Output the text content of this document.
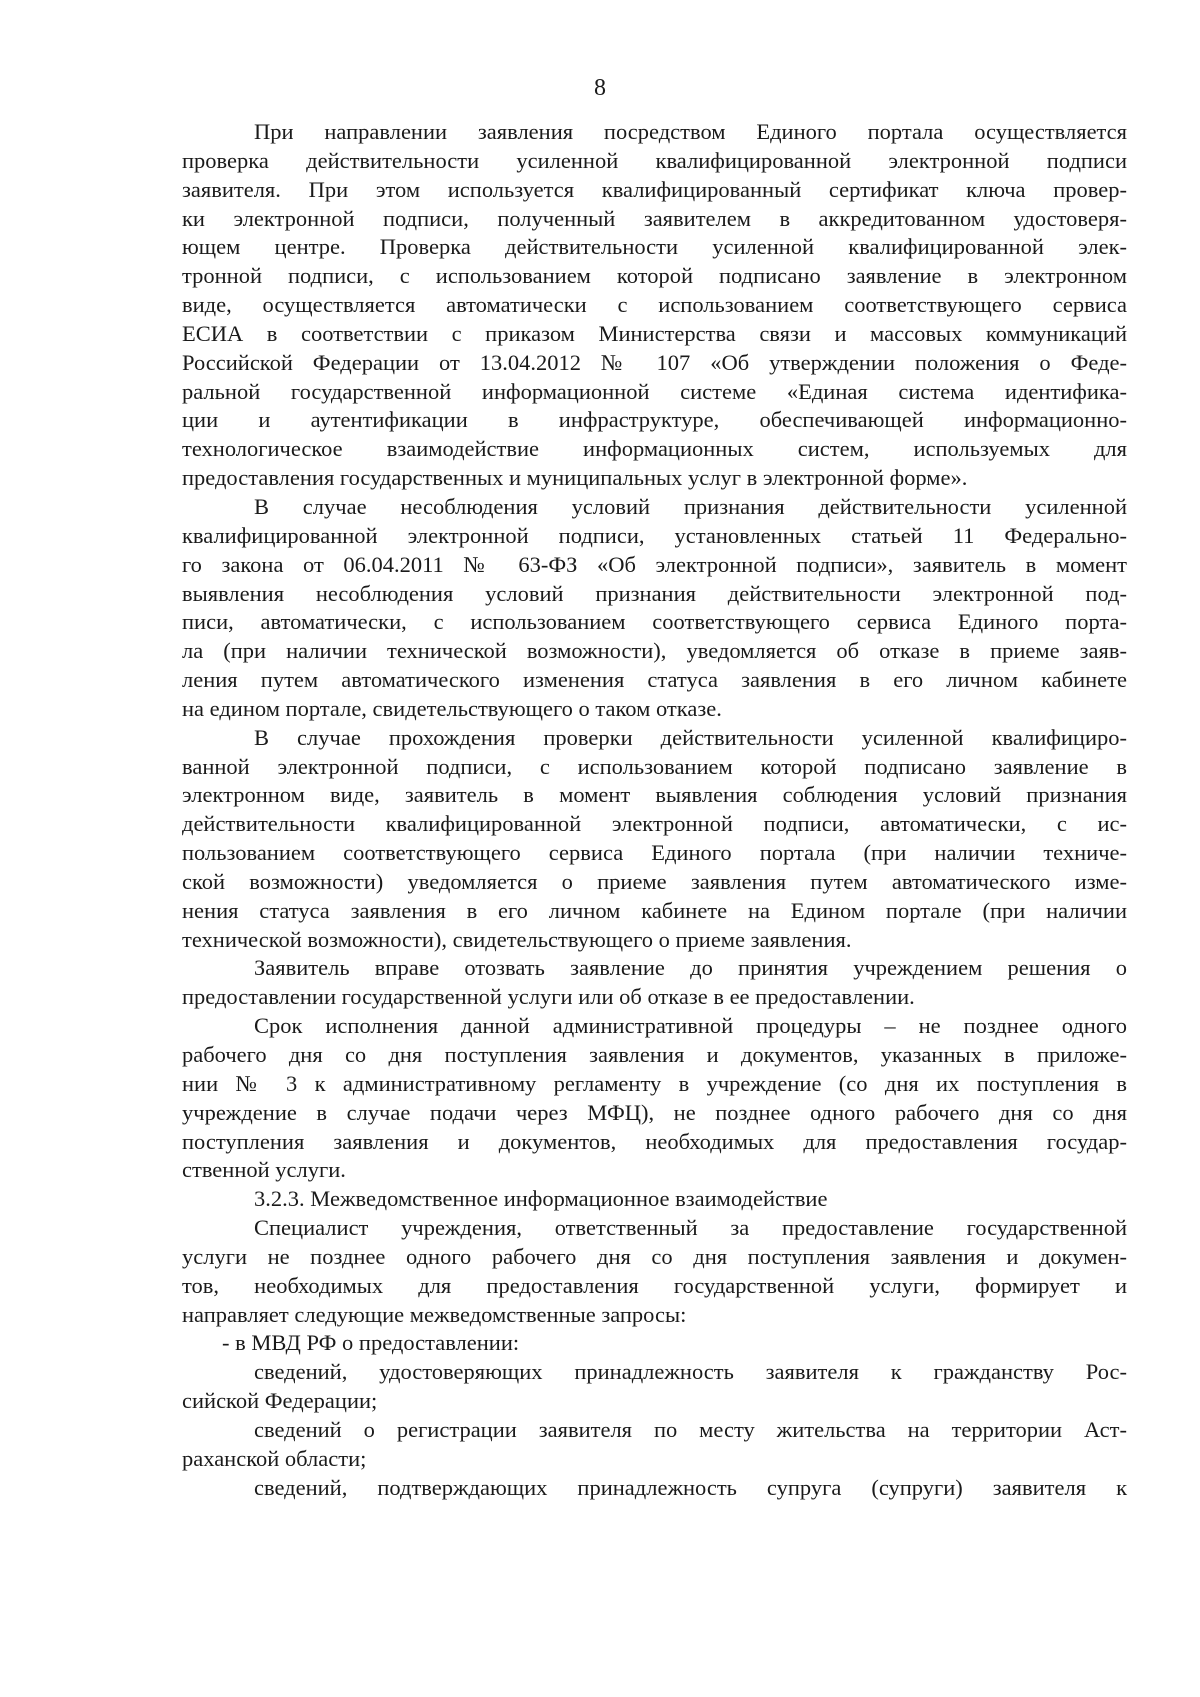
8
При направлении заявления посредством Единого портала осуществляется
проверка действительности усиленной квалифицированной электронной подписи
заявителя. При этом используется квалифицированный сертификат ключа провер-
ки электронной подписи, полученный заявителем в аккредитованном удостоверя-
ющем центре. Проверка действительности усиленной квалифицированной элек-
тронной подписи, с использованием которой подписано заявление в электронном
виде, осуществляется автоматически с использованием соответствующего сервиса
ЕСИА в соответствии с приказом Министерства связи и массовых коммуникаций
Российской Федерации от 13.04.2012 № 107 «Об утверждении положения о Феде-
ральной государственной информационной системе «Единая система идентифика-
ции и аутентификации в инфраструктуре, обеспечивающей информационно-
технологическое взаимодействие информационных систем, используемых для
предоставления государственных и муниципальных услуг в электронной форме».
В случае несоблюдения условий признания действительности усиленной
квалифицированной электронной подписи, установленных статьей 11 Федерально-
го закона от 06.04.2011 № 63-ФЗ «Об электронной подписи», заявитель в момент
выявления несоблюдения условий признания действительности электронной под-
писи, автоматически, с использованием соответствующего сервиса Единого порта-
ла (при наличии технической возможности), уведомляется об отказе в приеме заяв-
ления путем автоматического изменения статуса заявления в его личном кабинете
на едином портале, свидетельствующего о таком отказе.
В случае прохождения проверки действительности усиленной квалифициро-
ванной электронной подписи, с использованием которой подписано заявление в
электронном виде, заявитель в момент выявления соблюдения условий признания
действительности квалифицированной электронной подписи, автоматически, с ис-
пользованием соответствующего сервиса Единого портала (при наличии техниче-
ской возможности) уведомляется о приеме заявления путем автоматического изме-
нения статуса заявления в его личном кабинете на Едином портале (при наличии
технической возможности), свидетельствующего о приеме заявления.
Заявитель вправе отозвать заявление до принятия учреждением решения о
предоставлении государственной услуги или об отказе в ее предоставлении.
Срок исполнения данной административной процедуры – не позднее одного
рабочего дня со дня поступления заявления и документов, указанных в приложе-
нии № 3 к административному регламенту в учреждение (со дня их поступления в
учреждение в случае подачи через МФЦ), не позднее одного рабочего дня со дня
поступления заявления и документов, необходимых для предоставления государ-
ственной услуги.
3.2.3. Межведомственное информационное взаимодействие
Специалист учреждения, ответственный за предоставление государственной
услуги не позднее одного рабочего дня со дня поступления заявления и докумен-
тов, необходимых для предоставления государственной услуги, формирует и
направляет следующие межведомственные запросы:
- в МВД РФ о предоставлении:
сведений, удостоверяющих принадлежность заявителя к гражданству Рос-
сийской Федерации;
сведений о регистрации заявителя по месту жительства на территории Аст-
раханской области;
сведений, подтверждающих принадлежность супруга (супруги) заявителя к
